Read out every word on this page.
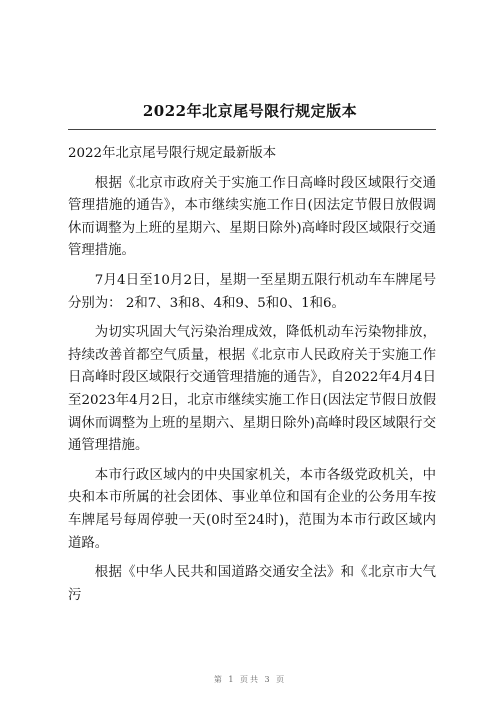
2022年北京尾号限行规定版本

2022年北京尾号限行规定最新版本

根据《北京市政府关于实施工作日高峰时段区域限行交通管理措施的通告》，本市继续实施工作日(因法定节假日放假调休而调整为上班的星期六、星期日除外)高峰时段区域限行交通管理措施。

7月4日至10月2日，星期一至星期五限行机动车车牌尾号分别为： 2和7、3和8、4和9、5和0、1和6。

为切实巩固大气污染治理成效，降低机动车污染物排放，持续改善首都空气质量，根据《北京市人民政府关于实施工作日高峰时段区域限行交通管理措施的通告》，自2022年4月4日至2023年4月2日，北京市继续实施工作日(因法定节假日放假调休而调整为上班的星期六、星期日除外)高峰时段区域限行交通管理措施。

本市行政区域内的中央国家机关，本市各级党政机关，中央和本市所属的社会团体、事业单位和国有企业的公务用车按车牌尾号每周停驶一天(0时至24时)，范围为本市行政区域内道路。

根据《中华人民共和国道路交通安全法》和《北京市大气污

第 1 页共 3 页
